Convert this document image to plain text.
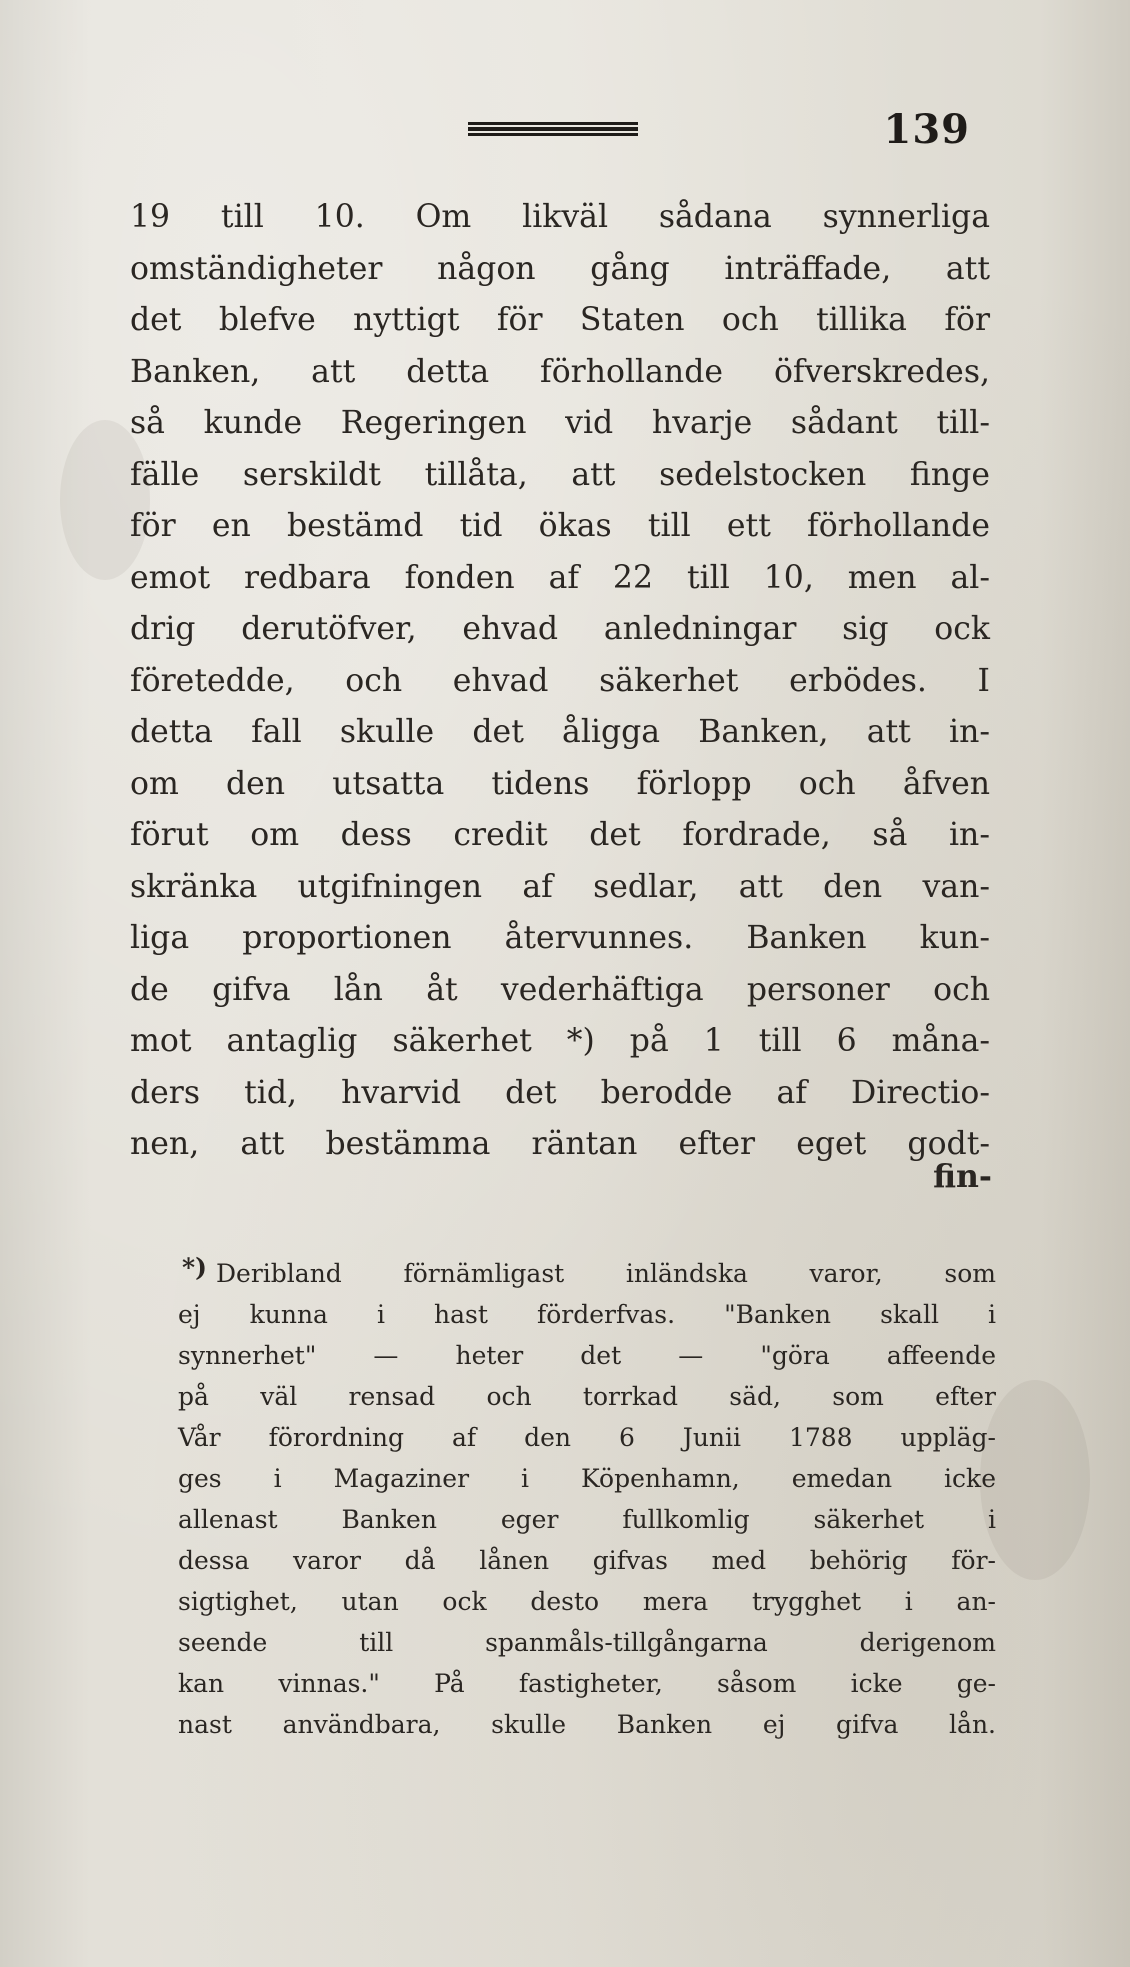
139
19 till 10. Om likväl sådana synnerliga
omständigheter någon gång inträffade, att
det blefve nyttigt för Staten och tillika för
Banken, att detta förhollande öfverskredes,
så kunde Regeringen vid hvarje sådant till-
fälle serskildt tillåta, att sedelstocken finge
för en bestämd tid ökas till ett förhollande
emot redbara fonden af 22 till 10, men al-
drig derutöfver, ehvad anledningar sig ock
företedde, och ehvad säkerhet erbödes. I
detta fall skulle det åligga Banken, att in-
om den utsatta tidens förlopp och åfven
förut om dess credit det fordrade, så in-
skränka utgifningen af sedlar, att den van-
liga proportionen återvunnes. Banken kun-
de gifva lån åt vederhäftiga personer och
mot antaglig säkerhet *) på 1 till 6 måna-
ders tid, hvarvid det berodde af Directio-
nen, att bestämma räntan efter eget godt-
fin-
*) Deribland förnämligast inländska varor, som
ej kunna i hast förderfvas. "Banken skall i
synnerhet" — heter det — "göra affeende
på väl rensad och torrkad säd, som efter
Vår förordning af den 6 Junii 1788 uppläg-
ges i Magaziner i Köpenhamn, emedan icke
allenast Banken eger fullkomlig säkerhet i
dessa varor då lånen gifvas med behörig för-
sigtighet, utan ock desto mera trygghet i an-
seende till spanmåls-tillgångarna derigenom
kan vinnas." På fastigheter, såsom icke ge-
nast användbara, skulle Banken ej gifva lån.
